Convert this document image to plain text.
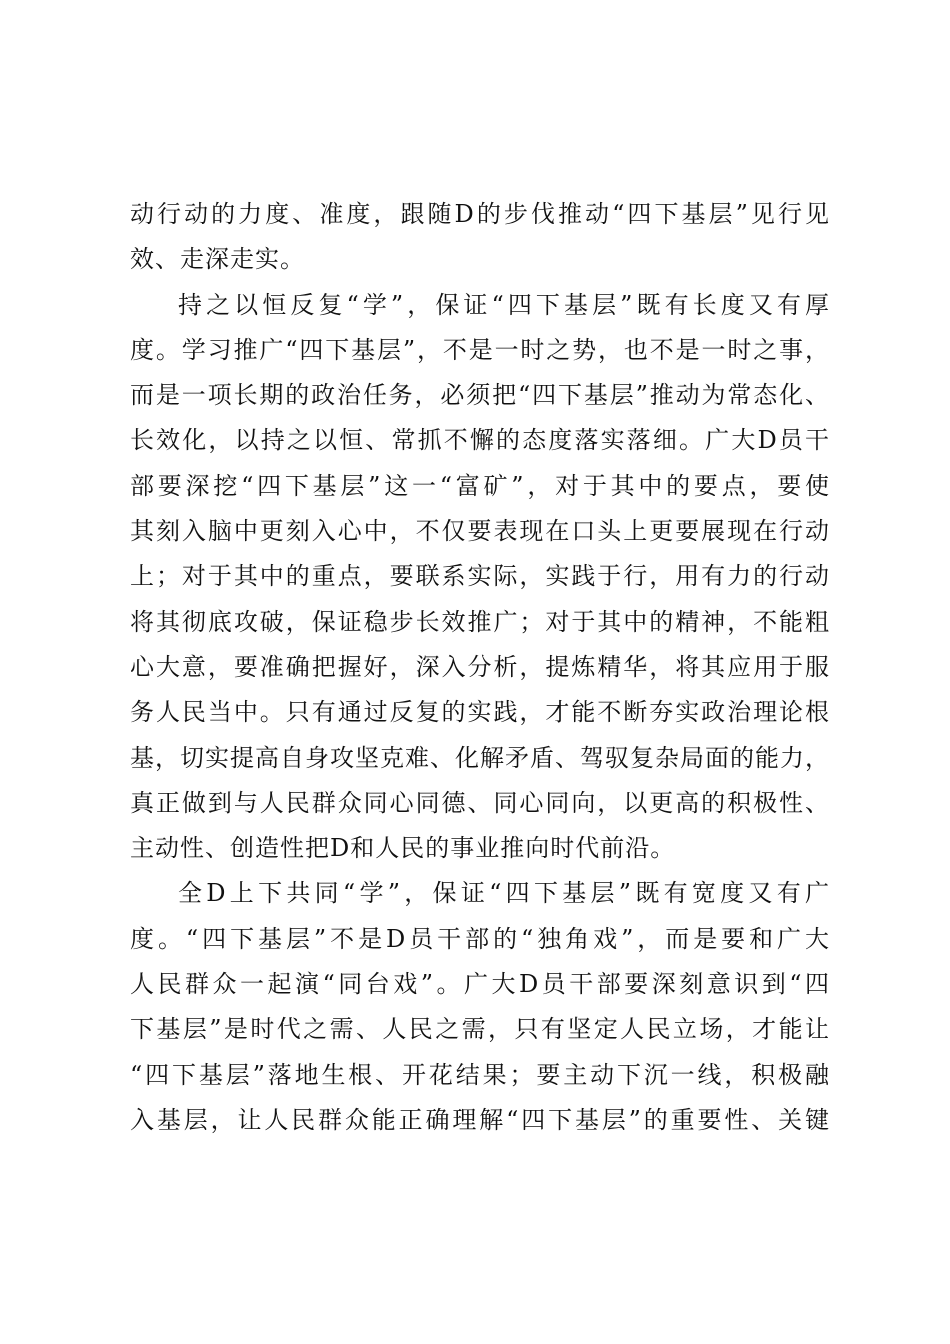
动行动的力度、准度，跟随D的步伐推动“四下基层”见行见
效、走深走实。
持之以恒反复“学”，保证“四下基层”既有长度又有厚
度。学习推广“四下基层”，不是一时之势，也不是一时之事，
而是一项长期的政治任务，必须把“四下基层”推动为常态化、
长效化，以持之以恒、常抓不懈的态度落实落细。广大D员干
部要深挖“四下基层”这一“富矿”，对于其中的要点，要使
其刻入脑中更刻入心中，不仅要表现在口头上更要展现在行动
上；对于其中的重点，要联系实际，实践于行，用有力的行动
将其彻底攻破，保证稳步长效推广；对于其中的精神，不能粗
心大意，要准确把握好，深入分析，提炼精华，将其应用于服
务人民当中。只有通过反复的实践，才能不断夯实政治理论根
基，切实提高自身攻坚克难、化解矛盾、驾驭复杂局面的能力，
真正做到与人民群众同心同德、同心同向，以更高的积极性、
主动性、创造性把D和人民的事业推向时代前沿。
全D上下共同“学”，保证“四下基层”既有宽度又有广
度。“四下基层”不是D员干部的“独角戏”，而是要和广大
人民群众一起演“同台戏”。广大D员干部要深刻意识到“四
下基层”是时代之需、人民之需，只有坚定人民立场，才能让
“四下基层”落地生根、开花结果；要主动下沉一线，积极融
入基层，让人民群众能正确理解“四下基层”的重要性、关键
